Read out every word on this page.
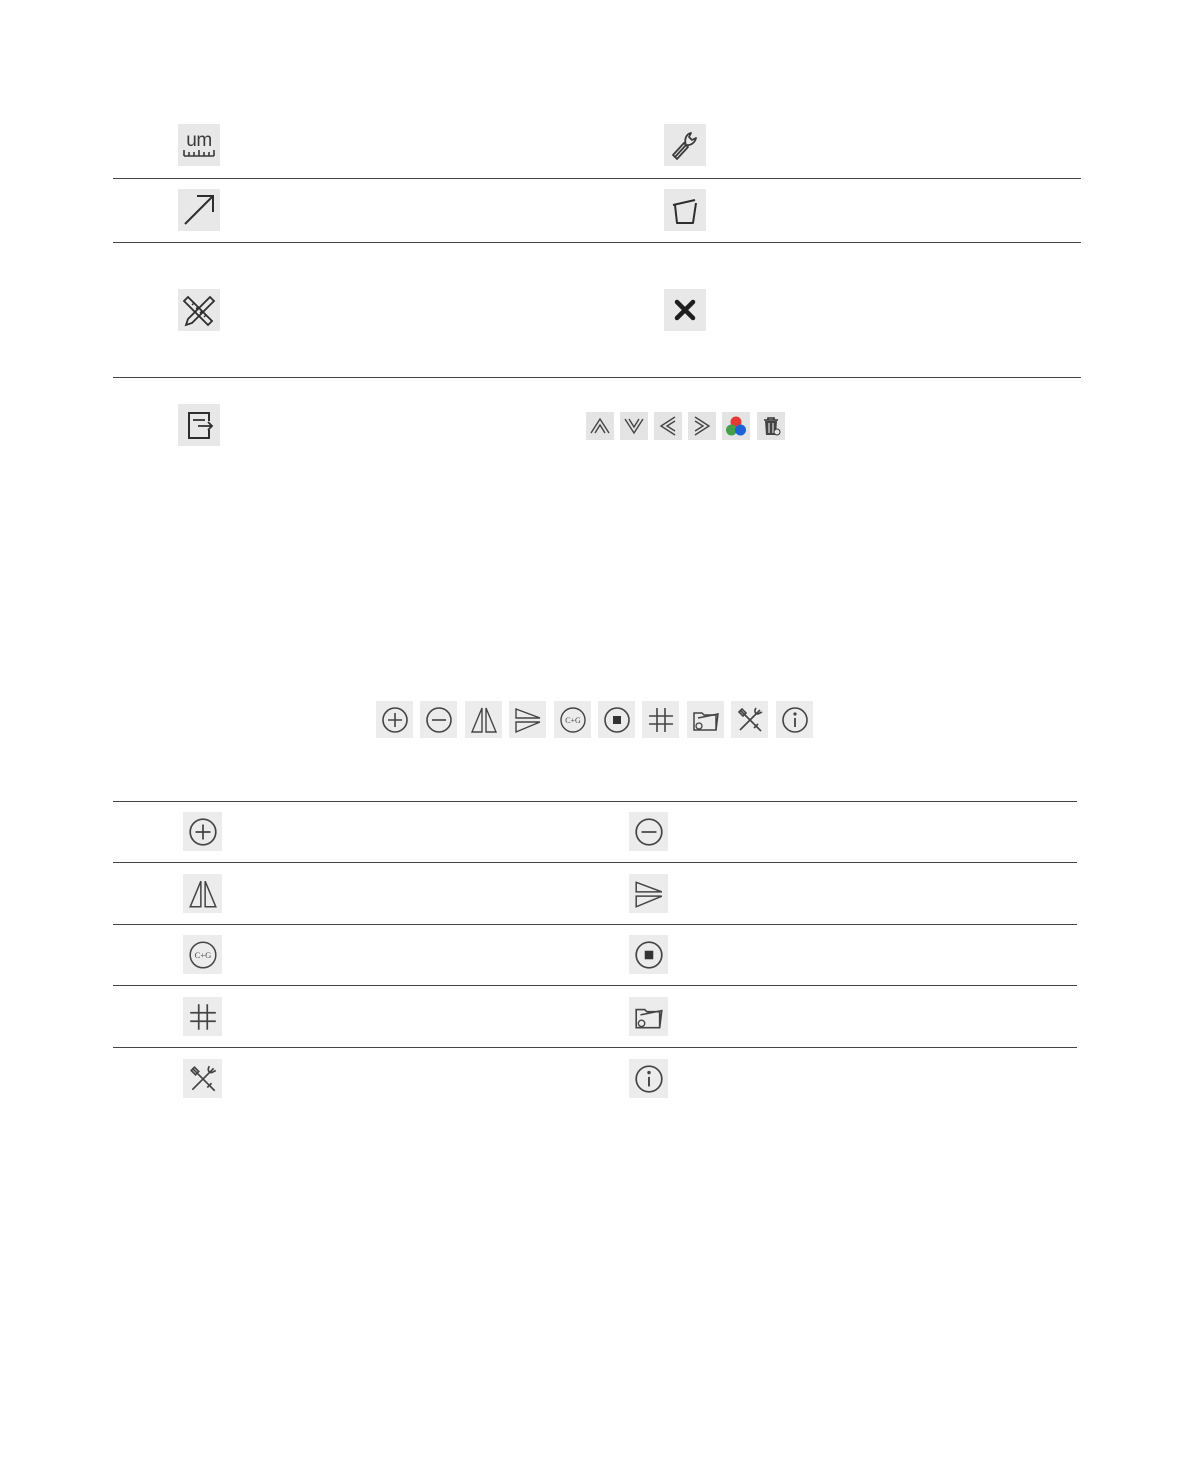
um
C+G
C+G
